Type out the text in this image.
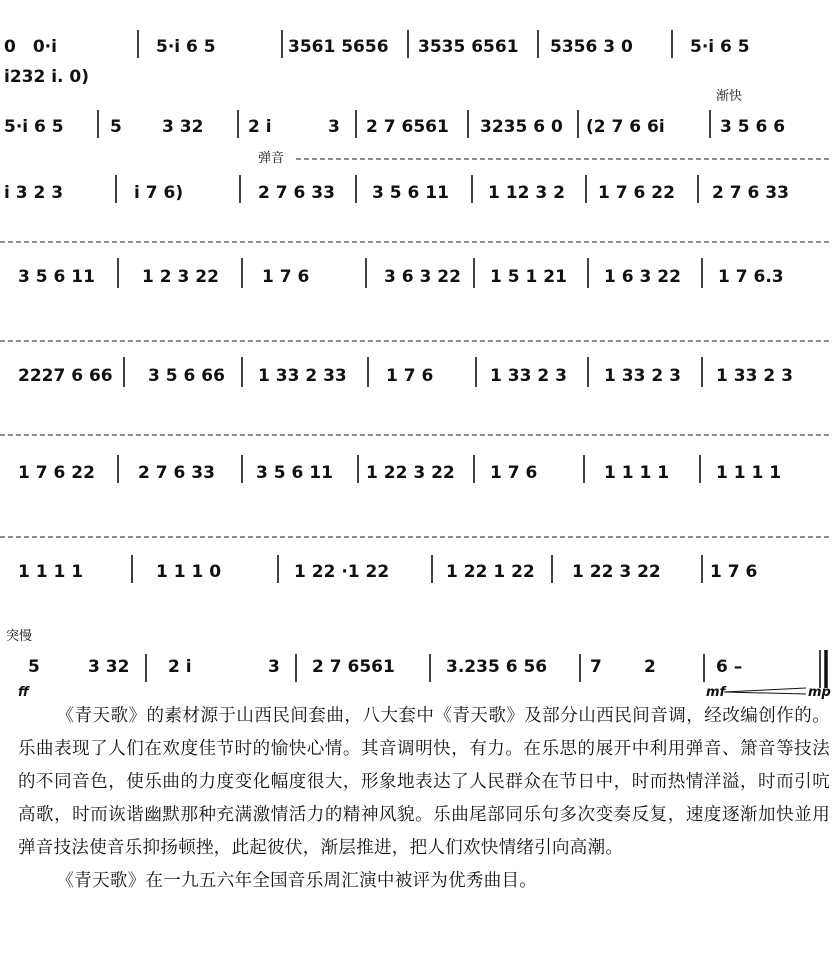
0　0·i	5·i 6 5	3561 5656 3535 6561 5356 3 0	5·i 6 5
i232 i. 0)
5·i 6 5	5 3 32	2 i	3 2 7 6561 3235 6 0 (2 7 6 6i	3 5 6 6
渐快
弹音
i 3 2 3	i 7 6)	2 7 6 33 3 5 6 11 1 12 3 2 1 7 6 22 2 7 6 33
3 5 6 11	1 2 3 22	1 7 6	3 6 3 22 1 5 1 21 1 6 3 22 1 7 6.3
2227 6 66 3 5 6 66 1 33 2 33 1 7 6	1 33 2 3 1 33 2 3 1 33 2 3
1 7 6 22	2 7 6 33 3 5 6 11 1 22 3 22 1 7 6	1 1 1 1	1 1 1 1
1 1 1 1	1 1 1 0	1 22 ·1 22	1 22 1 22 1 22 3 22	1 7 6
突慢
5	3 32 2 i	3 2 7 6561	3.235 6 56	7 2	6 –
ff	mf	mp

《青天歌》的素材源于山西民间套曲，八大套中《青天歌》及部分山西民间音调，经改编创作的。乐曲表现了人们在欢度佳节时的愉快心情。其音调明快，有力。在乐思的展开中利用弹音、箫音等技法的不同音色，使乐曲的力度变化幅度很大，形象地表达了人民群众在节日中，时而热情洋溢，时而引吭高歌，时而诙谐幽默那种充满激情活力的精神风貌。乐曲尾部同乐句多次变奏反复，速度逐渐加快並用弹音技法使音乐抑扬顿挫，此起彼伏，渐层推进，把人们欢快情绪引向高潮。

《青天歌》在一九五六年全国音乐周汇演中被评为优秀曲目。
